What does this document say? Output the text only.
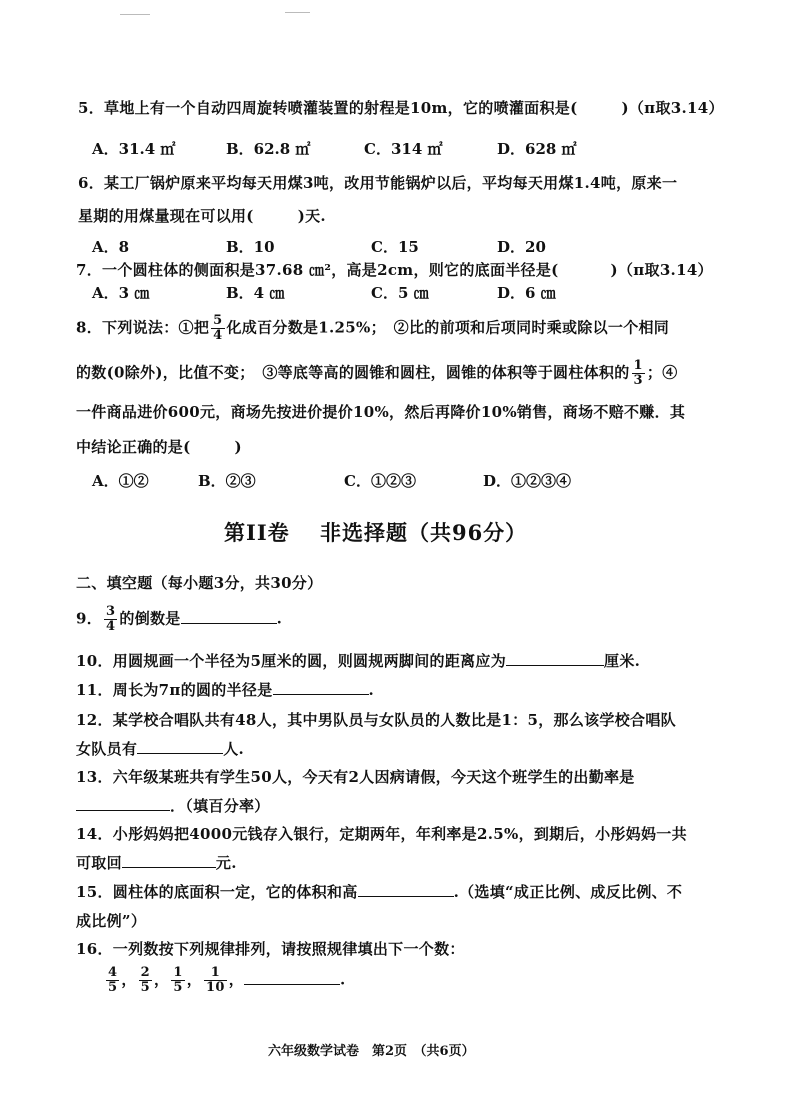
5．草地上有一个自动四周旋转喷灌装置的射程是10m，它的喷灌面积是(	)（π取3.14）
A．31.4 ㎡	B．62.8 ㎡	C．314 ㎡	D．628 ㎡
6．某工厂锅炉原来平均每天用煤3吨，改用节能锅炉以后，平均每天用煤1.4吨，原来一
星期的用煤量现在可以用(	)天.
A．8	B．10	C．15	D．20
7．一个圆柱体的侧面积是37.68 ㎝²，高是2cm，则它的底面半径是(	)（π取3.14）
A．3 ㎝	B．4 ㎝	C．5 ㎝	D．6 ㎝
8．下列说法：①把 $\frac{5}{4}$ 化成百分数是1.25%；　②比的前项和后项同时乘或除以一个相同
的数(0除外)，比值不变；　③等底等高的圆锥和圆柱，圆锥的体积等于圆柱体积的 $\frac{1}{3}$ ；④
一件商品进价600元，商场先按进价提价10%，然后再降价10%销售，商场不赔不赚．其
中结论正确的是(	)
A．①②	B．②③	C．①②③	D．①②③④
第II卷　 非选择题（共96分）
二、填空题（每小题3分，共30分）
9． $\frac{3}{4}$ 的倒数是	.
10．用圆规画一个半径为5厘米的圆，则圆规两脚间的距离应为	厘米.
11．周长为7π的圆的半径是	.
12．某学校合唱队共有48人，其中男队员与女队员的人数比是1：5，那么该学校合唱队
女队员有	人.
13．六年级某班共有学生50人，今天有2人因病请假，今天这个班学生的出勤率是
．（填百分率）
14．小彤妈妈把4000元钱存入银行，定期两年，年利率是2.5%，到期后，小彤妈妈一共
可取回	元.
15．圆柱体的底面积一定，它的体积和高	.（选填“成正比例、成反比例、不
成比例”）
16．一列数按下列规律排列，请按照规律填出下一个数：
$\frac{4}{5}$ ， $\frac{2}{5}$ ， $\frac{1}{5}$ ， $\frac{1}{10}$ ，	.
六年级数学试卷　第2页　（共6页）
